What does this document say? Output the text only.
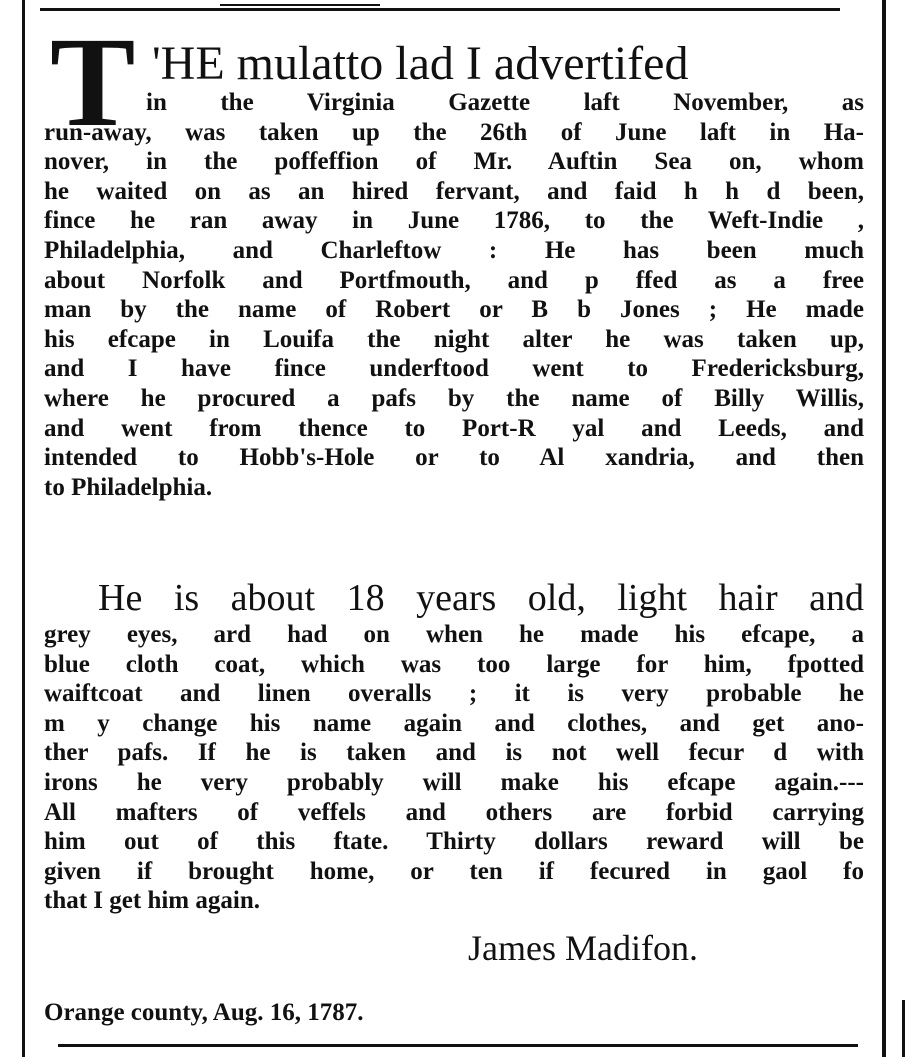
T 'HE mulatto lad I advertifed
in the Virginia Gazette laft November, as
run-away, was taken up the 26th of June laft in Ha-
nover, in the poffeffion of Mr. Auftin Sea on, whom
he waited on as an hired fervant, and faid h h d been,
fince he ran away in June 1786, to the Weft-Indie ,
Philadelphia, and Charleftow : He has been much
about Norfolk and Portfmouth, and p ffed as a free
man by the name of Robert or B b Jones ; He made
his efcape in Louifa the night alter he was taken up,
and I have fince underftood went to Fredericksburg,
where he procured a pafs by the name of Billy Willis,
and went from thence to Port-R yal and Leeds, and
intended to Hobb's-Hole or to Al xandria, and then
to Philadelphia.
He is about 18 years old, light hair and
grey eyes, ard had on when he made his efcape, a
blue cloth coat, which was too large for him, fpotted
waiftcoat and linen overalls ; it is very probable he
m y change his name again and clothes, and get ano-
ther pafs. If he is taken and is not well fecur d with
irons he very probably will make his efcape again.---
All mafters of veffels and others are forbid carrying
him out of this ftate. Thirty dollars reward will be
given if brought home, or ten if fecured in gaol fo
that I get him again.
James Madifon.
Orange county, Aug. 16, 1787.
